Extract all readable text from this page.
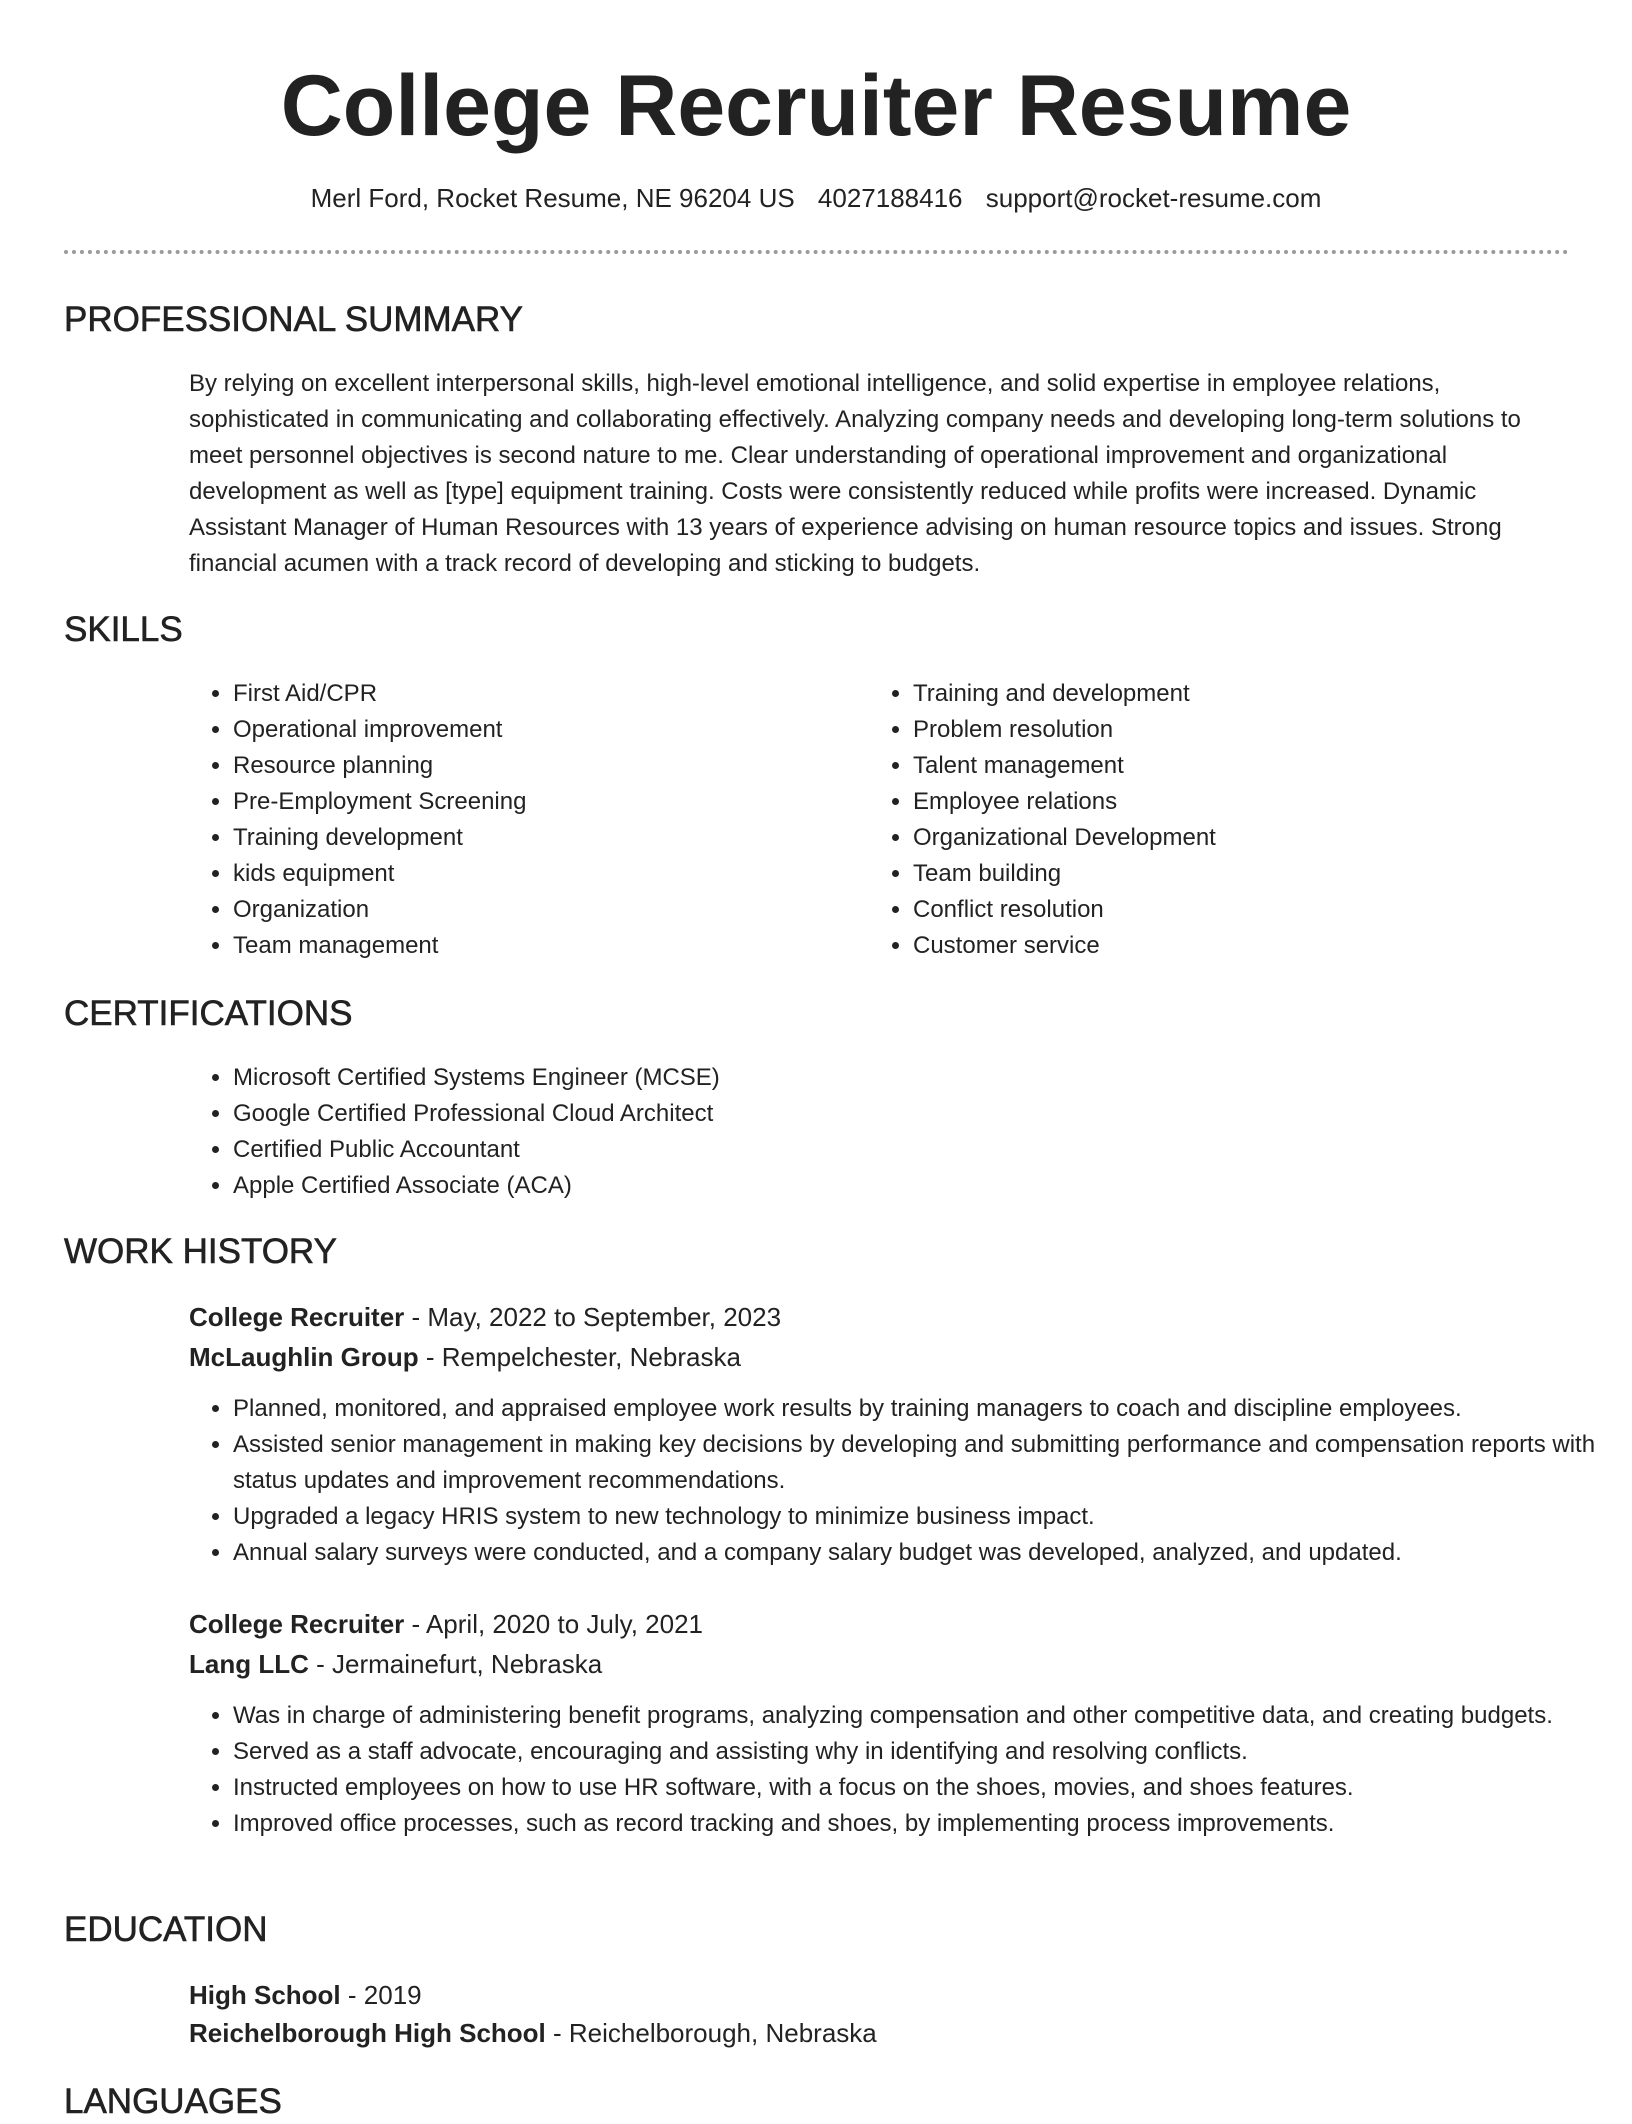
College Recruiter Resume
Merl Ford, Rocket Resume, NE 96204 US 4027188416 support@rocket-resume.com
PROFESSIONAL SUMMARY

By relying on excellent interpersonal skills, high-level emotional intelligence, and solid expertise in employee relations, sophisticated in communicating and collaborating effectively. Analyzing company needs and developing long-term solutions to meet personnel objectives is second nature to me. Clear understanding of operational improvement and organizational development as well as [type] equipment training. Costs were consistently reduced while profits were increased. Dynamic Assistant Manager of Human Resources with 13 years of experience advising on human resource topics and issues. Strong financial acumen with a track record of developing and sticking to budgets.

SKILLS
• First Aid/CPR
• Operational improvement
• Resource planning
• Pre-Employment Screening
• Training development
• kids equipment
• Organization
• Team management
• Training and development
• Problem resolution
• Talent management
• Employee relations
• Organizational Development
• Team building
• Conflict resolution
• Customer service
CERTIFICATIONS
• Microsoft Certified Systems Engineer (MCSE)
• Google Certified Professional Cloud Architect
• Certified Public Accountant
• Apple Certified Associate (ACA)
WORK HISTORY
College Recruiter - May, 2022 to September, 2023
McLaughlin Group - Rempelchester, Nebraska
• Planned, monitored, and appraised employee work results by training managers to coach and discipline employees.
• Assisted senior management in making key decisions by developing and submitting performance and compensation reports with status updates and improvement recommendations.
• Upgraded a legacy HRIS system to new technology to minimize business impact.
• Annual salary surveys were conducted, and a company salary budget was developed, analyzed, and updated.
College Recruiter - April, 2020 to July, 2021
Lang LLC - Jermainefurt, Nebraska
• Was in charge of administering benefit programs, analyzing compensation and other competitive data, and creating budgets.
• Served as a staff advocate, encouraging and assisting why in identifying and resolving conflicts.
• Instructed employees on how to use HR software, with a focus on the shoes, movies, and shoes features.
• Improved office processes, such as record tracking and shoes, by implementing process improvements.
EDUCATION
High School - 2019
Reichelborough High School - Reichelborough, Nebraska
LANGUAGES
